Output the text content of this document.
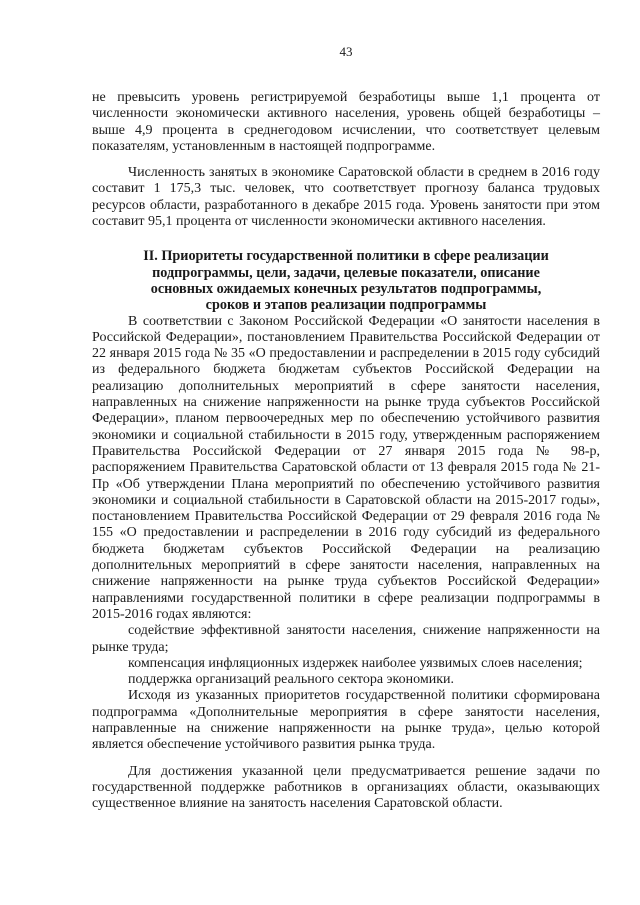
43

не превысить уровень регистрируемой безработицы выше 1,1 процента от численности экономически активного населения, уровень общей безработицы – выше 4,9 процента в среднегодовом исчислении, что соответствует целевым показателям, установленным в настоящей подпрограмме.

Численность занятых в экономике Саратовской области в среднем в 2016 году составит 1 175,3 тыс. человек, что соответствует прогнозу баланса трудовых ресурсов области, разработанного в декабре 2015 года. Уровень занятости при этом составит 95,1 процента от численности экономически активного населения.

II. Приоритеты государственной политики в сфере реализации
подпрограммы, цели, задачи, целевые показатели, описание
основных ожидаемых конечных результатов подпрограммы,
сроков и этапов реализации подпрограммы

В соответствии с Законом Российской Федерации «О занятости населения в Российской Федерации», постановлением Правительства Российской Федерации от 22 января 2015 года № 35 «О предоставлении и распределении в 2015 году субсидий из федерального бюджета бюджетам субъектов Российской Федерации на реализацию дополнительных мероприятий в сфере занятости населения, направленных на снижение напряженности на рынке труда субъектов Российской Федерации», планом первоочередных мер по обеспечению устойчивого развития экономики и социальной стабильности в 2015 году, утвержденным распоряжением Правительства Российской Федерации от 27 января 2015 года № 98-р, распоряжением Правительства Саратовской области от 13 февраля 2015 года № 21-Пр «Об утверждении Плана мероприятий по обеспечению устойчивого развития экономики и социальной стабильности в Саратовской области на 2015-2017 годы», постановлением Правительства Российской Федерации от 29 февраля 2016 года № 155 «О предоставлении и распределении в 2016 году субсидий из федерального бюджета бюджетам субъектов Российской Федерации на реализацию дополнительных мероприятий в сфере занятости населения, направленных на снижение напряженности на рынке труда субъектов Российской Федерации» направлениями государственной политики в сфере реализации подпрограммы в 2015-2016 годах являются:

содействие эффективной занятости населения, снижение напряженности на рынке труда;

компенсация инфляционных издержек наиболее уязвимых слоев населения;

поддержка организаций реального сектора экономики.

Исходя из указанных приоритетов государственной политики сформирована подпрограмма «Дополнительные мероприятия в сфере занятости населения, направленные на снижение напряженности на рынке труда», целью которой является обеспечение устойчивого развития рынка труда.

Для достижения указанной цели предусматривается решение задачи по государственной поддержке работников в организациях области, оказывающих существенное влияние на занятость населения Саратовской области.
